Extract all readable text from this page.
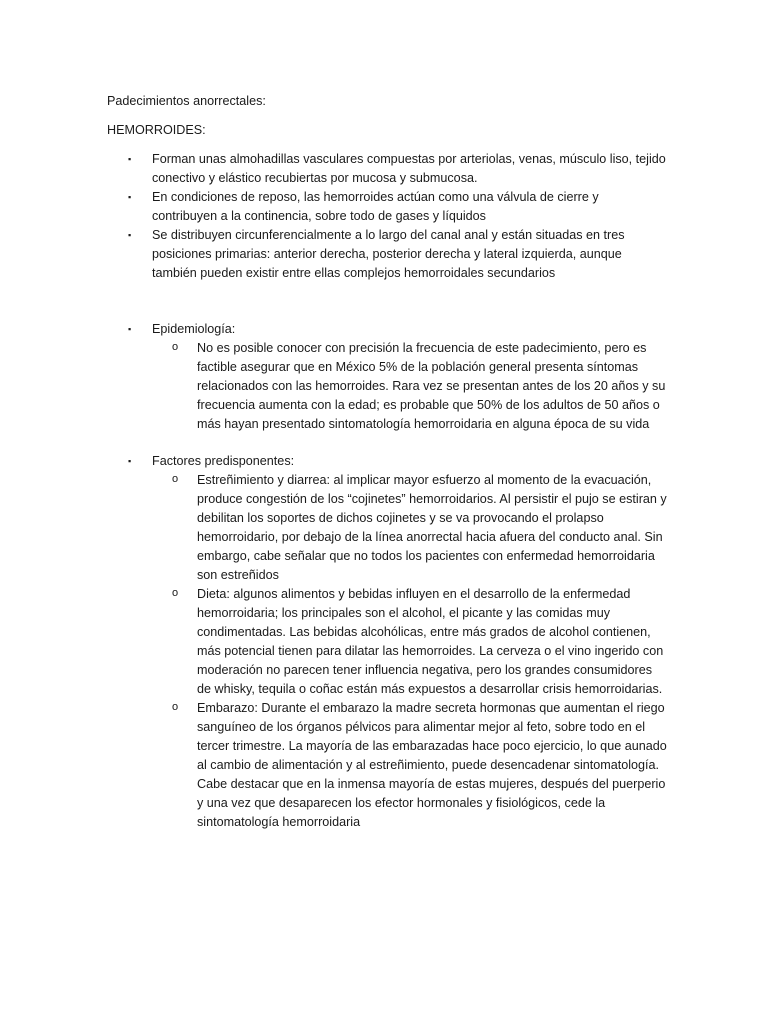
Padecimientos anorrectales:

HEMORROIDES:

▪ Forman unas almohadillas vasculares compuestas por arteriolas, venas, músculo liso, tejido conectivo y elástico recubiertas por mucosa y submucosa.
▪ En condiciones de reposo, las hemorroides actúan como una válvula de cierre y contribuyen a la continencia, sobre todo de gases y líquidos
▪ Se distribuyen circunferencialmente a lo largo del canal anal y están situadas en tres posiciones primarias: anterior derecha, posterior derecha y lateral izquierda, aunque también pueden existir entre ellas complejos hemorroidales secundarios
▪ Epidemiología:
o No es posible conocer con precisión la frecuencia de este padecimiento, pero es factible asegurar que en México 5% de la población general presenta síntomas relacionados con las hemorroides. Rara vez se presentan antes de los 20 años y su frecuencia aumenta con la edad; es probable que 50% de los adultos de 50 años o más hayan presentado sintomatología hemorroidaria en alguna época de su vida
▪ Factores predisponentes:
o Estreñimiento y diarrea: al implicar mayor esfuerzo al momento de la evacuación, produce congestión de los “cojinetes” hemorroidarios. Al persistir el pujo se estiran y debilitan los soportes de dichos cojinetes y se va provocando el prolapso hemorroidario, por debajo de la línea anorrectal hacia afuera del conducto anal. Sin embargo, cabe señalar que no todos los pacientes con enfermedad hemorroidaria son estreñidos
o Dieta: algunos alimentos y bebidas influyen en el desarrollo de la enfermedad hemorroidaria; los principales son el alcohol, el picante y las comidas muy condimentadas. Las bebidas alcohólicas, entre más grados de alcohol contienen, más potencial tienen para dilatar las hemorroides. La cerveza o el vino ingerido con moderación no parecen tener influencia negativa, pero los grandes consumidores de whisky, tequila o coñac están más expuestos a desarrollar crisis hemorroidarias.
o Embarazo: Durante el embarazo la madre secreta hormonas que aumentan el riego sanguíneo de los órganos pélvicos para alimentar mejor al feto, sobre todo en el tercer trimestre. La mayoría de las embarazadas hace poco ejercicio, lo que aunado al cambio de alimentación y al estreñimiento, puede desencadenar sintomatología. Cabe destacar que en la inmensa mayoría de estas mujeres, después del puerperio y una vez que desaparecen los efector hormonales y fisiológicos, cede la sintomatología hemorroidaria
